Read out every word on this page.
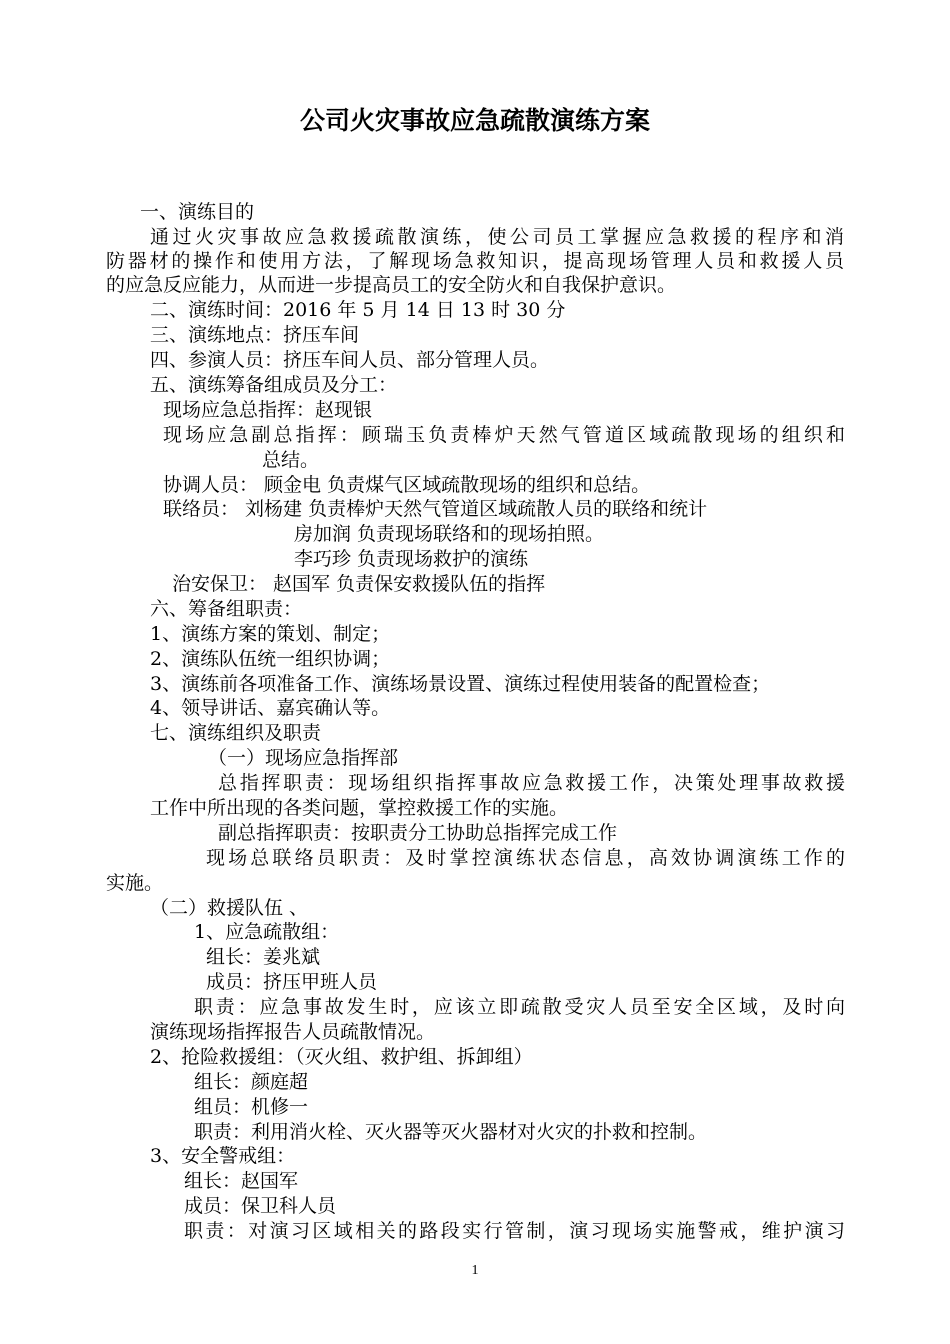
公司火灾事故应急疏散演练方案
一、演练目的
通过火灾事故应急救援疏散演练，使公司员工掌握应急救援的程序和消
防器材的操作和使用方法，了解现场急救知识，提高现场管理人员和救援人员
的应急反应能力，从而进一步提高员工的安全防火和自我保护意识。
二、演练时间：2016 年 5 月 14 日 13 时 30 分
三、演练地点：挤压车间
四、参演人员：挤压车间人员、部分管理人员。
五、演练筹备组成员及分工：
现场应急总指挥：赵现银
现场应急副总指挥：顾瑞玉负责棒炉天然气管道区域疏散现场的组织和
总结。
协调人员： 顾金电 负责煤气区域疏散现场的组织和总结。
联络员： 刘杨建 负责棒炉天然气管道区域疏散人员的联络和统计
房加润 负责现场联络和的现场拍照。
李巧珍 负责现场救护的演练
治安保卫： 赵国军 负责保安救援队伍的指挥
六、筹备组职责：
1、演练方案的策划、制定；
2、演练队伍统一组织协调；
3、演练前各项准备工作、演练场景设置、演练过程使用装备的配置检查；
4、领导讲话、嘉宾确认等。
七、演练组织及职责
（一）现场应急指挥部
总指挥职责：现场组织指挥事故应急救援工作，决策处理事故救援
工作中所出现的各类问题，掌控救援工作的实施。
副总指挥职责：按职责分工协助总指挥完成工作
现场总联络员职责：及时掌控演练状态信息，高效协调演练工作的
实施。
（二）救援队伍 、
1、应急疏散组：
组长：姜兆斌
成员：挤压甲班人员
职责：应急事故发生时，应该立即疏散受灾人员至安全区域，及时向
演练现场指挥报告人员疏散情况。
2、抢险救援组：（灭火组、救护组、拆卸组）
组长：颜庭超
组员：机修一
职责：利用消火栓、灭火器等灭火器材对火灾的扑救和控制。
3、安全警戒组：
组长：赵国军
成员：保卫科人员
职责：对演习区域相关的路段实行管制，演习现场实施警戒，维护演习
1
